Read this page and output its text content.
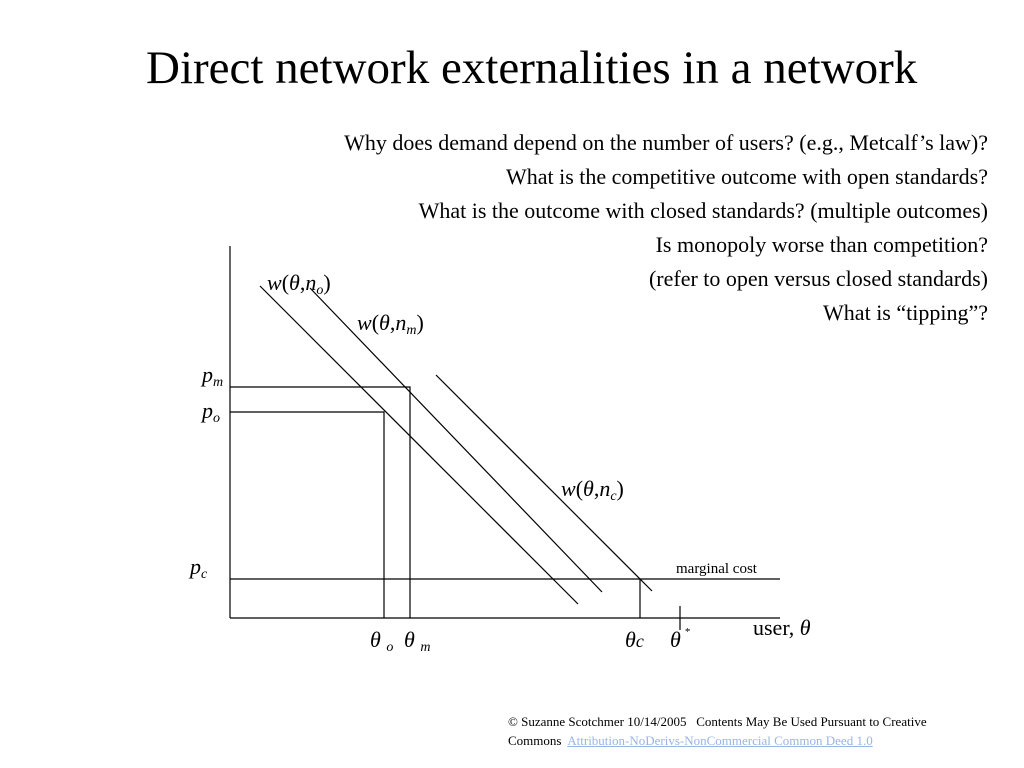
Direct network externalities in a network
Why does demand depend on the number of users? (e.g., Metcalf’s law)?
What is the competitive outcome with open standards?
What is the outcome with closed standards? (multiple outcomes)
Is monopoly worse than competition?
(refer to open versus closed standards)
What is “tipping”?
$w(\theta,n_o)$
$w(\theta,n_m)$
$w(\theta,n_c)$
$p_m$
$p_o$
$p_c$	marginal cost
user, θ
θ $_o$ θ $_m$	θc θ *
© Suzanne Scotchmer 10/14/2005   Contents May Be Used Pursuant to Creative
Commons  Attribution-NoDerivs-NonCommercial Common Deed 1.0
